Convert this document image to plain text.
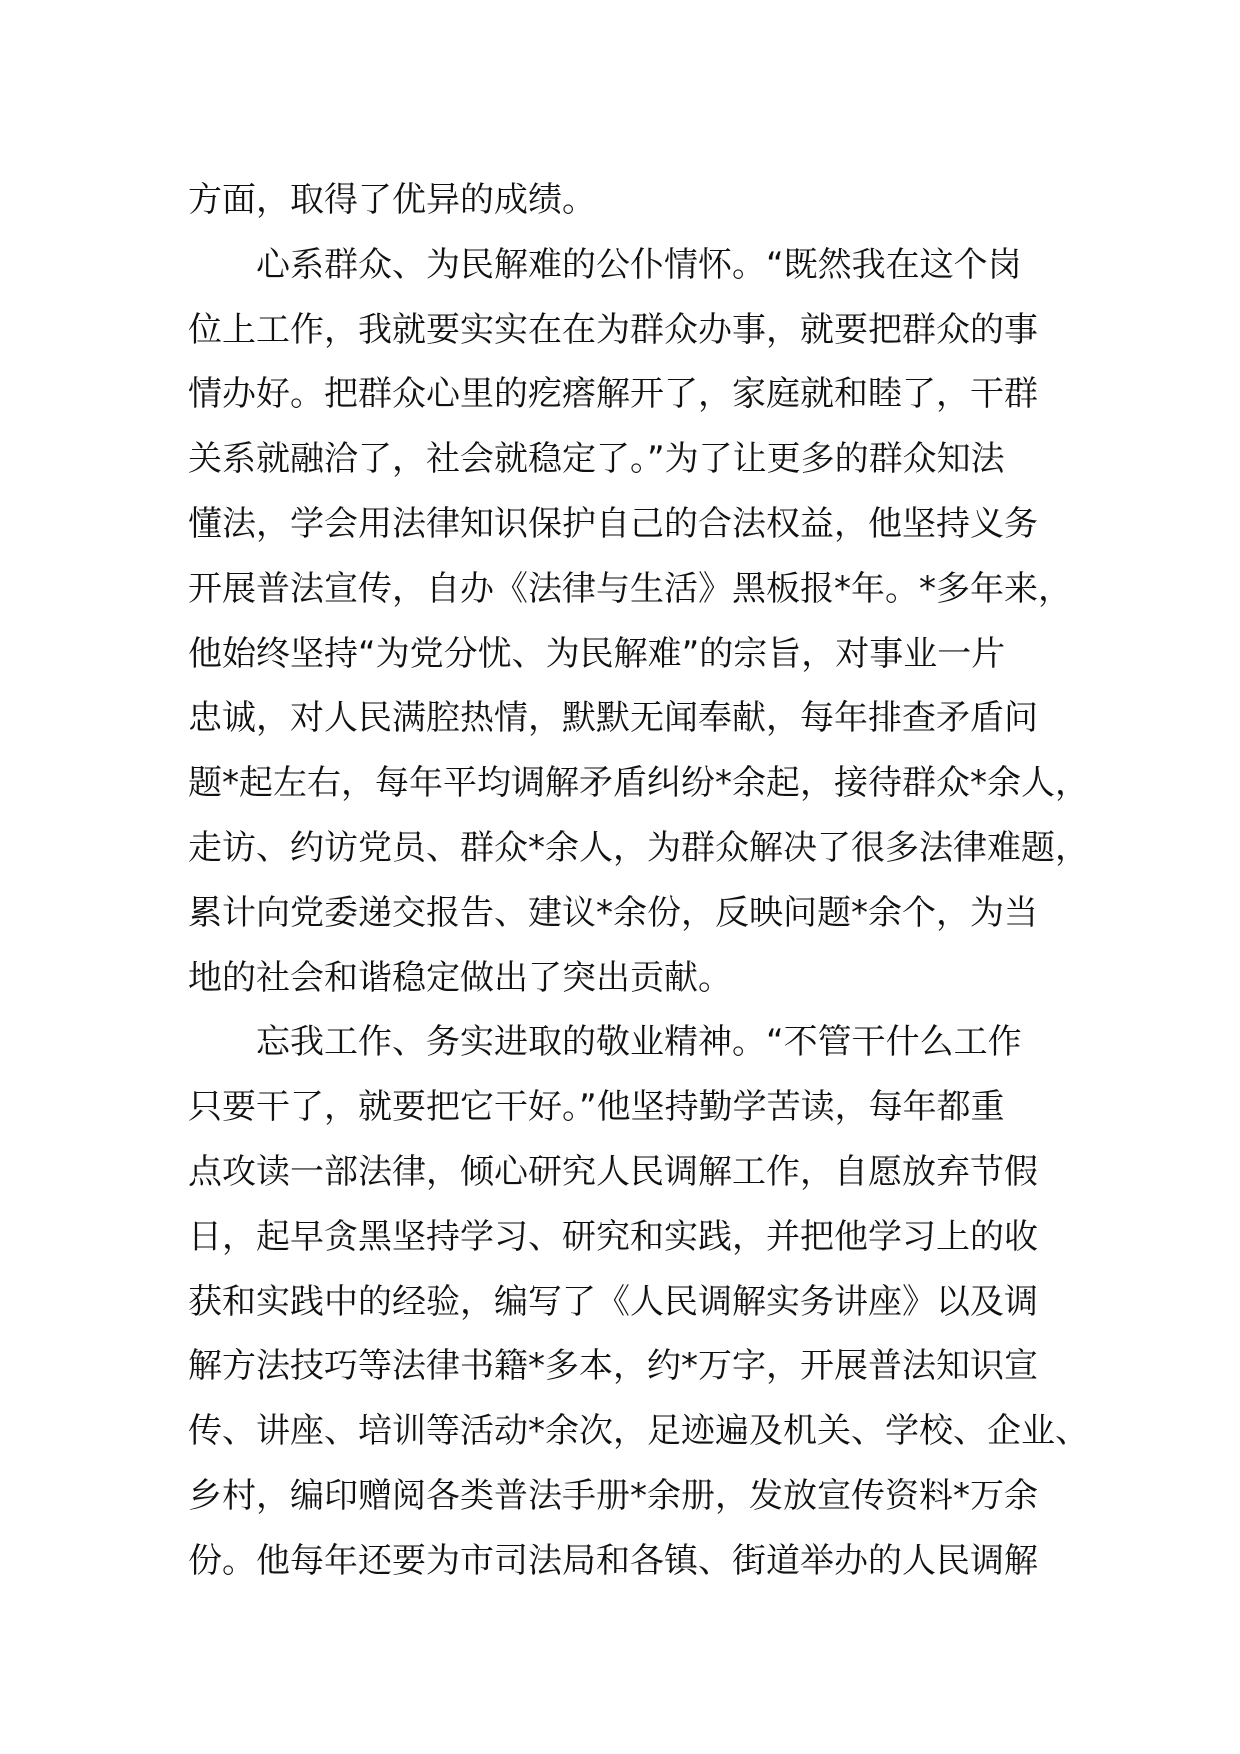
方面，取得了优异的成绩。
心系群众、为民解难的公仆情怀。“既然我在这个岗
位上工作，我就要实实在在为群众办事，就要把群众的事
情办好。把群众心里的疙瘩解开了，家庭就和睦了，干群
关系就融洽了，社会就稳定了。”为了让更多的群众知法
懂法，学会用法律知识保护自己的合法权益，他坚持义务
开展普法宣传，自办《法律与生活》黑板报*年。*多年来，
他始终坚持“为党分忧、为民解难”的宗旨，对事业一片
忠诚，对人民满腔热情，默默无闻奉献，每年排查矛盾问
题*起左右，每年平均调解矛盾纠纷*余起，接待群众*余人，
走访、约访党员、群众*余人，为群众解决了很多法律难题，
累计向党委递交报告、建议*余份，反映问题*余个，为当
地的社会和谐稳定做出了突出贡献。
忘我工作、务实进取的敬业精神。“不管干什么工作
只要干了，就要把它干好。”他坚持勤学苦读，每年都重
点攻读一部法律，倾心研究人民调解工作，自愿放弃节假
日，起早贪黑坚持学习、研究和实践，并把他学习上的收
获和实践中的经验，编写了《人民调解实务讲座》以及调
解方法技巧等法律书籍*多本，约*万字，开展普法知识宣
传、讲座、培训等活动*余次，足迹遍及机关、学校、企业、
乡村，编印赠阅各类普法手册*余册，发放宣传资料*万余
份。他每年还要为市司法局和各镇、街道举办的人民调解
